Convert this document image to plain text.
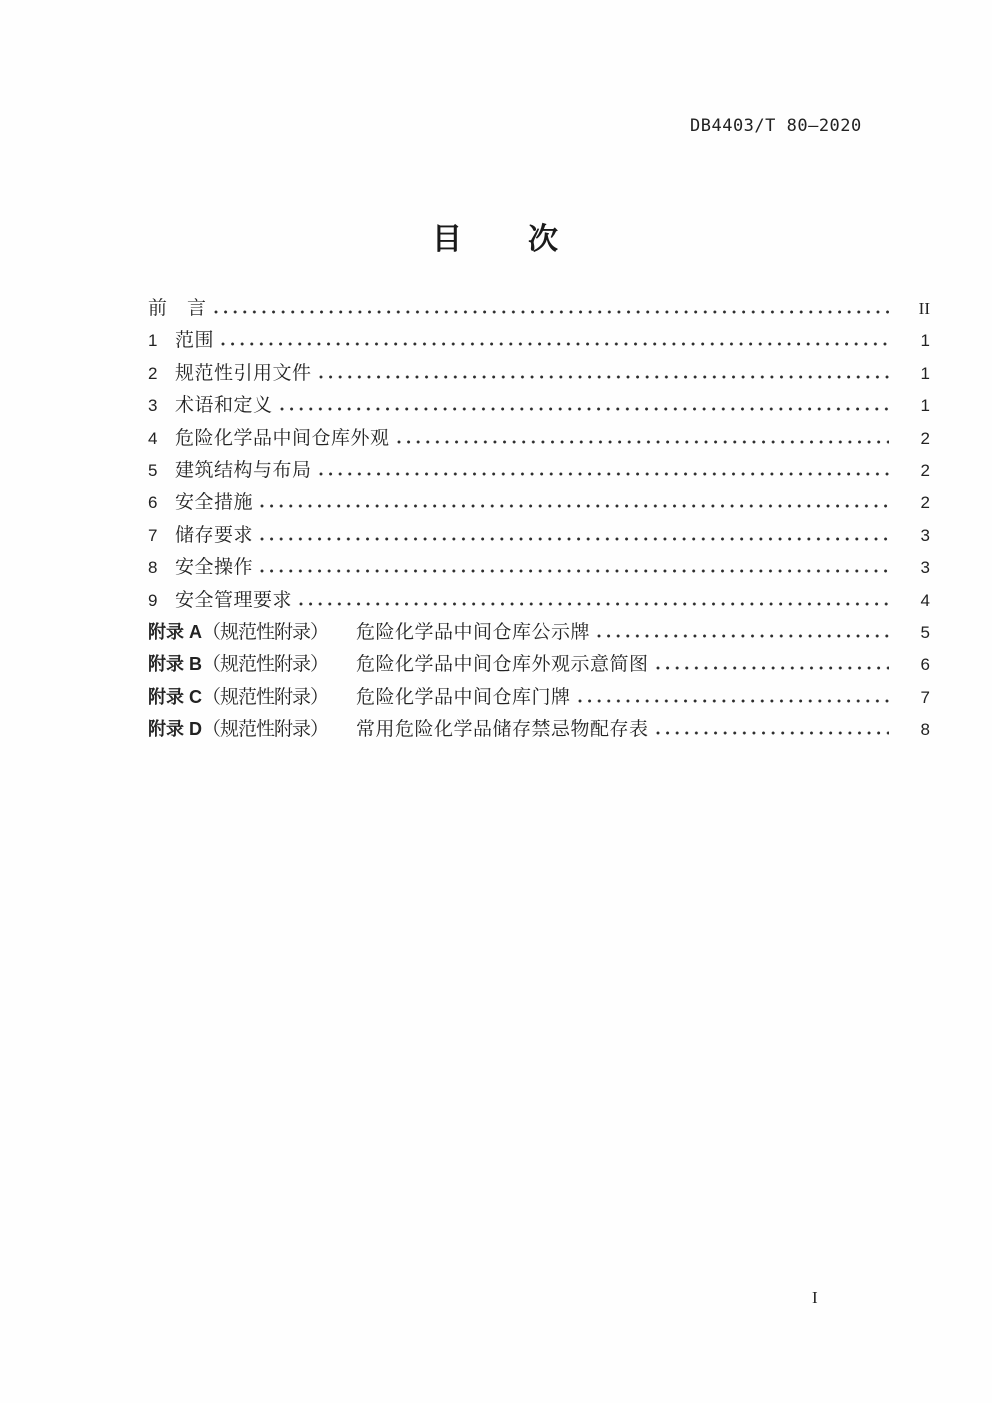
DB4403/T 80—2020
目　　次
前　言	II
1 范围	1
2 规范性引用文件	1
3 术语和定义	1
4 危险化学品中间仓库外观	2
5 建筑结构与布局	2
6 安全措施	2
7 储存要求	3
8 安全操作	3
9 安全管理要求	4
附录 A （规范性附录） 危险化学品中间仓库公示牌	5
附录 B （规范性附录） 危险化学品中间仓库外观示意简图	6
附录 C （规范性附录） 危险化学品中间仓库门牌	7
附录 D （规范性附录） 常用危险化学品储存禁忌物配存表	8
I
